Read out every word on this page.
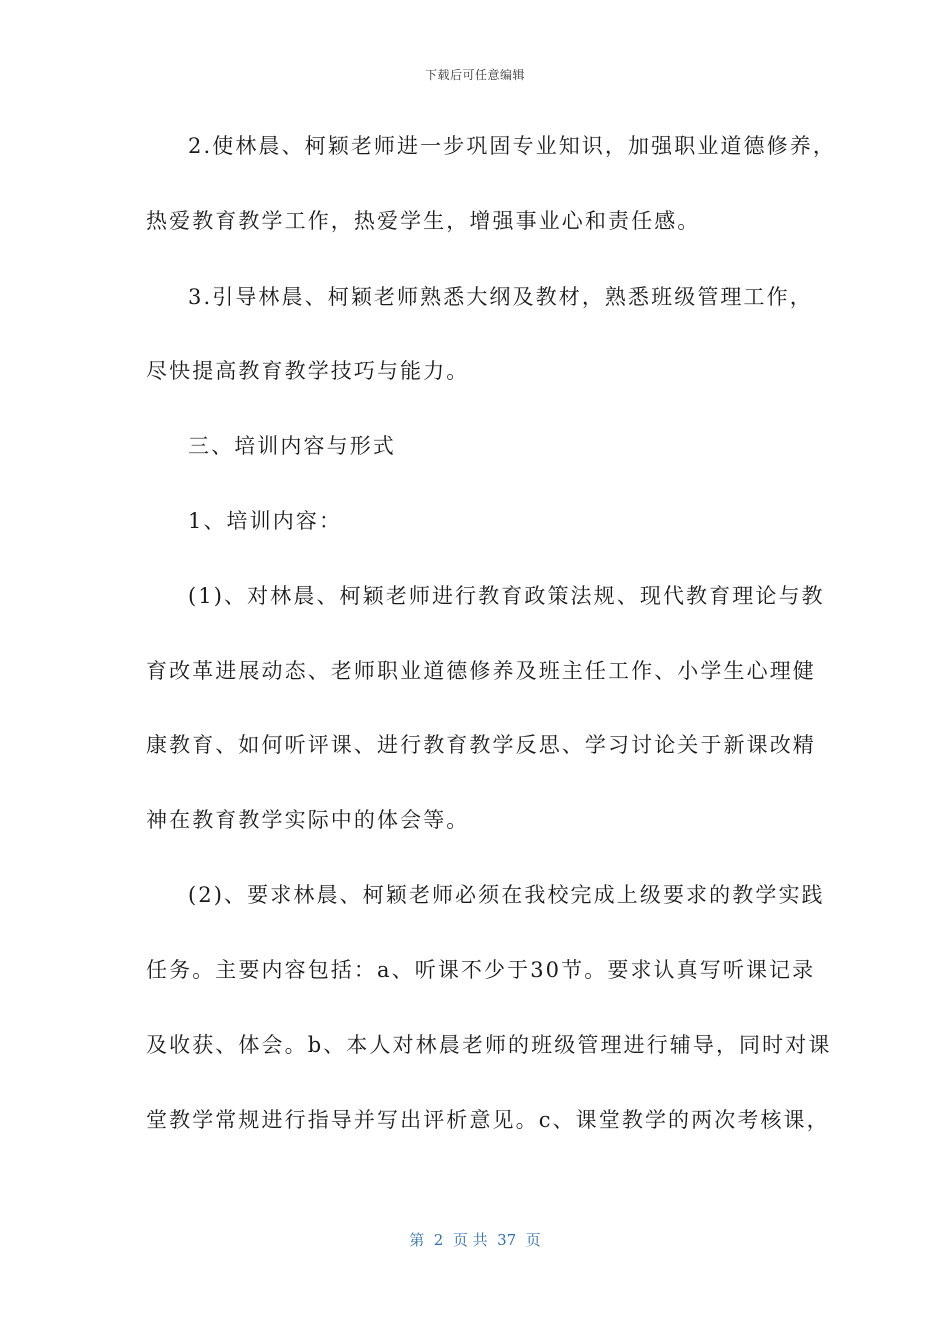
下载后可任意编辑
2.使林晨、柯颖老师进一步巩固专业知识，加强职业道德修养，
热爱教育教学工作，热爱学生，增强事业心和责任感。
3.引导林晨、柯颖老师熟悉大纲及教材，熟悉班级管理工作，
尽快提高教育教学技巧与能力。
三、培训内容与形式
1、培训内容：
(1)、对林晨、柯颖老师进行教育政策法规、现代教育理论与教
育改革进展动态、老师职业道德修养及班主任工作、小学生心理健
康教育、如何听评课、进行教育教学反思、学习讨论关于新课改精
神在教育教学实际中的体会等。
(2)、要求林晨、柯颖老师必须在我校完成上级要求的教学实践
任务。主要内容包括：a、听课不少于30节。要求认真写听课记录
及收获、体会。b、本人对林晨老师的班级管理进行辅导，同时对课
堂教学常规进行指导并写出评析意见。c、课堂教学的两次考核课，
第  2  页 共  37  页
